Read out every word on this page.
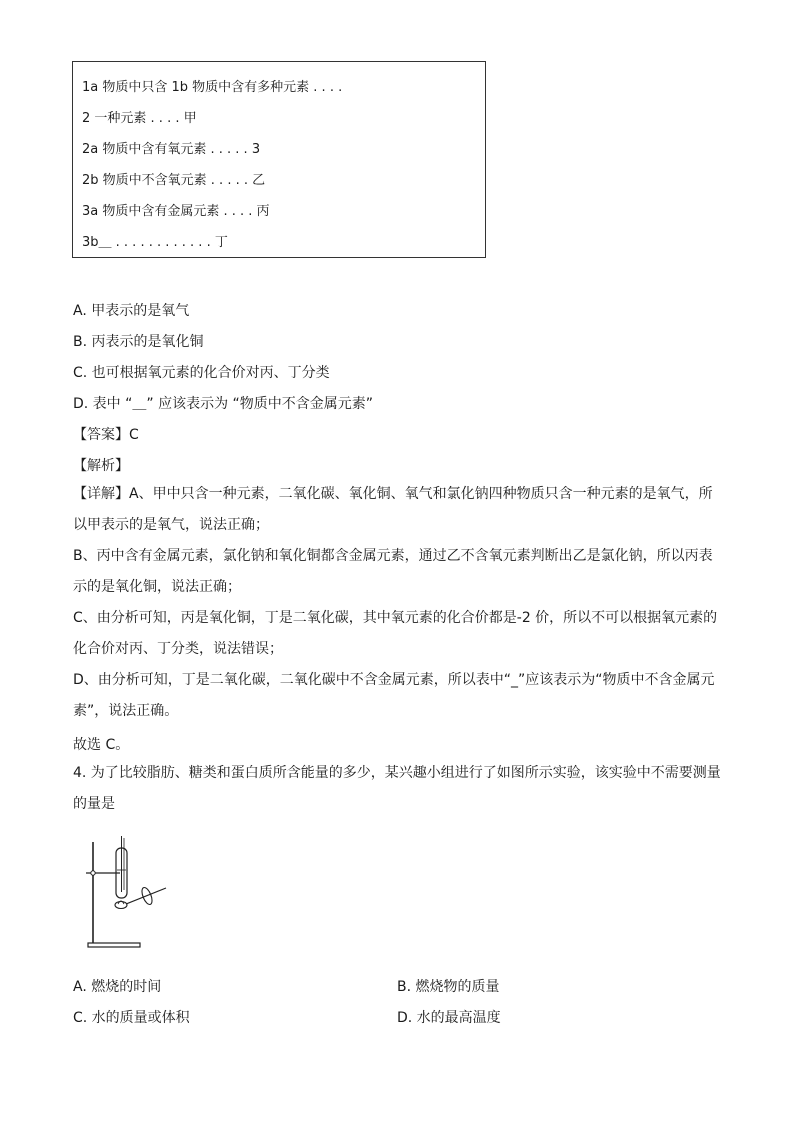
1a 物质中只含 1b 物质中含有多种元素 . . . .
2 一种元素 . . . . 甲
2a 物质中含有氧元素 . . . . . 3
2b 物质中不含氧元素 . . . . . 乙
3a 物质中含有金属元素 . . . . 丙
3b＿ . . . . . . . . . . . . 丁
A. 甲表示的是氧气
B. 丙表示的是氧化铜
C. 也可根据氧元素的化合价对丙、丁分类
D. 表中 “＿” 应该表示为 “物质中不含金属元素”
【答案】C
【解析】
【详解】A、甲中只含一种元素，二氧化碳、氧化铜、氧气和氯化钠四种物质只含一种元素的是氧气，所以甲表示的是氧气，说法正确；
B、丙中含有金属元素，氯化钠和氧化铜都含金属元素，通过乙不含氧元素判断出乙是氯化钠，所以丙表示的是氧化铜，说法正确；
C、由分析可知，丙是氧化铜，丁是二氧化碳，其中氧元素的化合价都是-2 价，所以不可以根据氧元素的化合价对丙、丁分类，说法错误；
D、由分析可知，丁是二氧化碳，二氧化碳中不含金属元素，所以表中“_”应该表示为“物质中不含金属元素”，说法正确。
故选 C。
4. 为了比较脂肪、糖类和蛋白质所含能量的多少，某兴趣小组进行了如图所示实验，该实验中不需要测量的量是
A. 燃烧的时间	B. 燃烧物的质量
C. 水的质量或体积	D. 水的最高温度
